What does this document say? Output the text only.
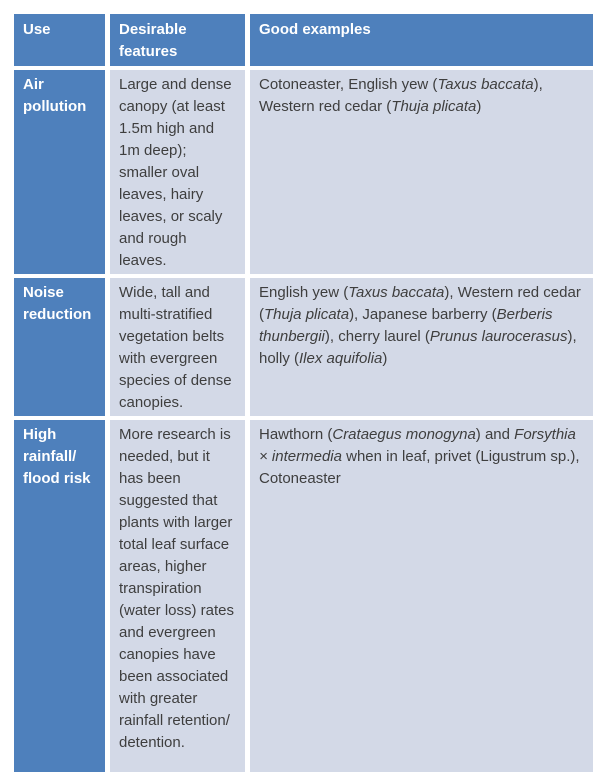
Use	Desirable features
Good examples
Air pollution
Large and dense canopy (at least 1.5m high and 1m deep); smaller oval leaves, hairy leaves, or scaly and rough leaves.
Cotoneaster, English yew (Taxus baccata), Western red cedar (Thuja plicata)
Noise reduction
Wide, tall and multi-stratified vegetation belts with evergreen species of dense canopies.
English yew (Taxus baccata), Western red cedar (Thuja plicata), Japanese barberry (Berberis thunbergii), cherry laurel (Prunus laurocerasus), holly (Ilex aquifolia)
High rainfall/ flood risk
More research is needed, but it has been suggested that plants with larger total leaf surface areas, higher transpiration (water loss) rates and evergreen canopies have been associated with greater rainfall retention/ detention.
Hawthorn (Crataegus monogyna) and Forsythia × intermedia when in leaf, privet (Ligustrum sp.), Cotoneaster
